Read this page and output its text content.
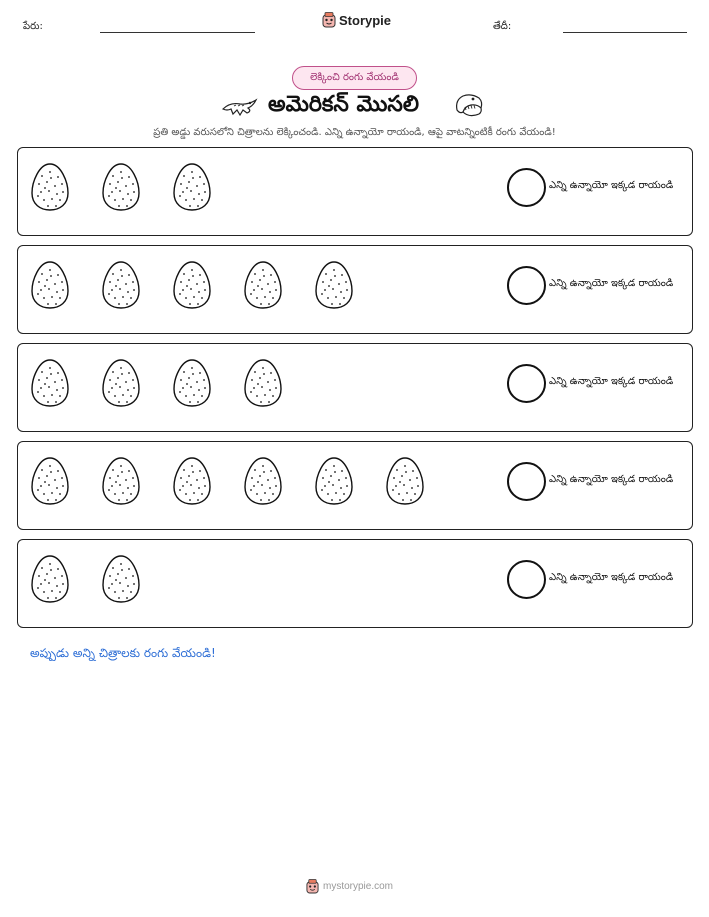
పేరు:	Storypie	తేదీ:
లెక్కించి రంగు వేయండి
అమెరికన్ మొసలి
ప్రతి అడ్డు వరుసలోని చిత్రాలను లెక్కించండి. ఎన్ని ఉన్నాయో రాయండి, ఆపై వాటన్నింటికీ రంగు వేయండి!
ఎన్ని ఉన్నాయో ఇక్కడ రాయండి
ఎన్ని ఉన్నాయో ఇక్కడ రాయండి
ఎన్ని ఉన్నాయో ఇక్కడ రాయండి
ఎన్ని ఉన్నాయో ఇక్కడ రాయండి
ఎన్ని ఉన్నాయో ఇక్కడ రాయండి
అప్పుడు అన్ని చిత్రాలకు రంగు వేయండి!
mystorypie.com
